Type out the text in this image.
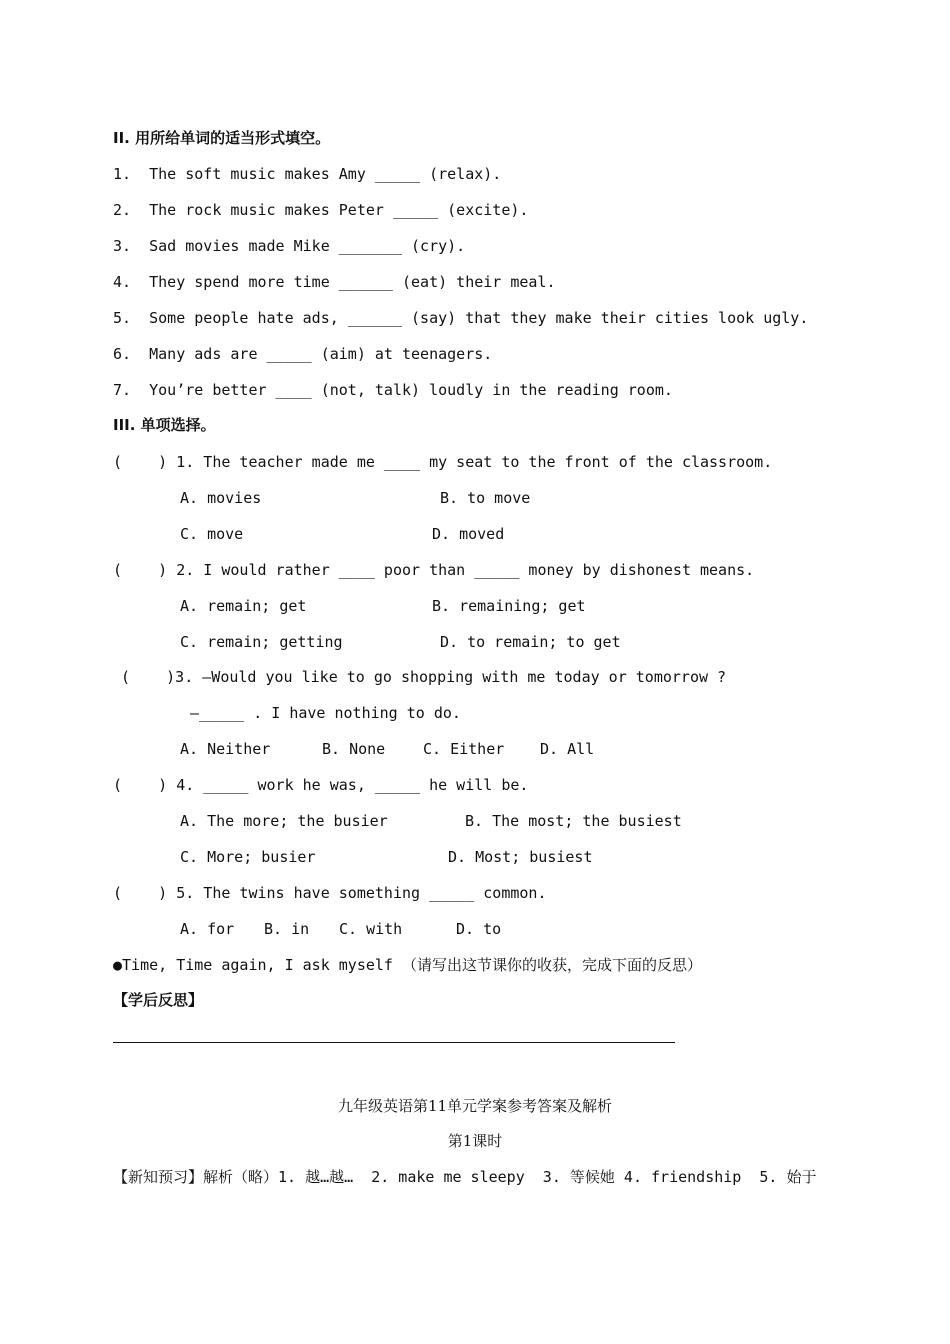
II. 用所给单词的适当形式填空。
1.  The soft music makes Amy _____ (relax).
2.  The rock music makes Peter _____ (excite).
3.  Sad movies made Mike _______ (cry).
4.  They spend more time ______ (eat) their meal.
5.  Some people hate ads, ______ (say) that they make their cities look ugly.
6.  Many ads are _____ (aim) at teenagers.
7.  You’re better ____ (not, talk) loudly in the reading room.
III. 单项选择。
(    ) 1. The teacher made me ____ my seat to the front of the classroom.
A. movies	B. to move
C. move	D. moved
(    ) 2. I would rather ____ poor than _____ money by dishonest means.
A. remain; get	B. remaining; get
C. remain; getting	D. to remain; to get
(    )3. —Would you like to go shopping with me today or tomorrow ?
—_____ . I have nothing to do.
A. Neither	B. None	C. Either D. All
(    ) 4. _____ work he was, _____ he will be.
A. The more; the busier	B. The most; the busiest
C. More; busier	D. Most; busiest
(    ) 5. The twins have something _____ common.
A. for B. in C. with	D. to
●Time, Time again, I ask myself （请写出这节课你的收获，完成下面的反思）
【学后反思】
九年级英语第11单元学案参考答案及解析
第1课时
【新知预习】解析（略）1. 越…越…  2. make me sleepy  3. 等候她 4. friendship  5. 始于
